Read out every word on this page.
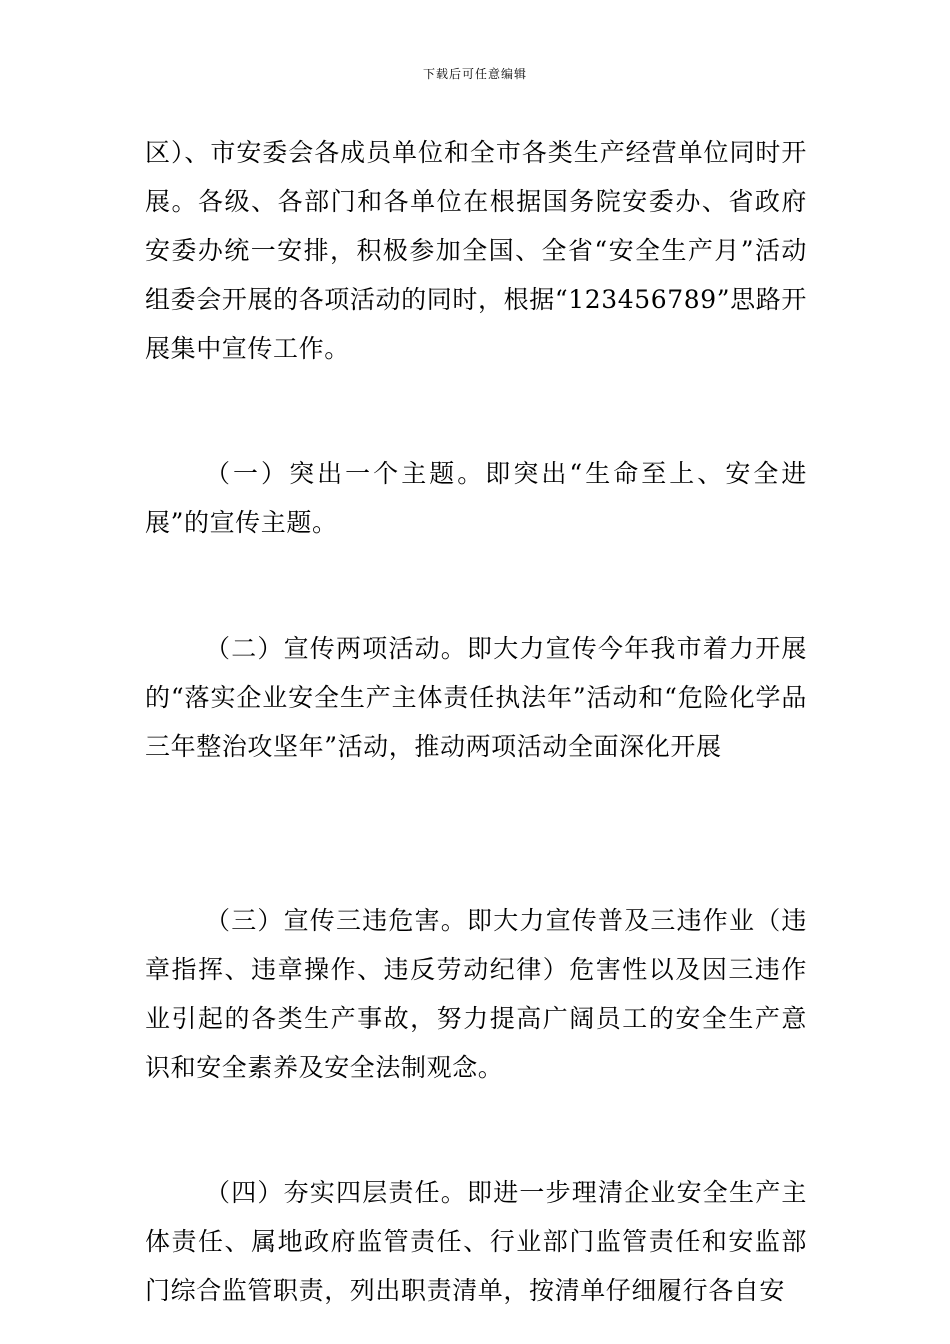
下载后可任意编辑

区）、市安委会各成员单位和全市各类生产经营单位同时开展。各级、各部门和各单位在根据国务院安委办、省政府安委办统一安排，积极参加全国、全省“安全生产月”活动组委会开展的各项活动的同时，根据“123456789”思路开展集中宣传工作。

（一）突出一个主题。即突出“生命至上、安全进展”的宣传主题。

（二）宣传两项活动。即大力宣传今年我市着力开展的“落实企业安全生产主体责任执法年”活动和“危险化学品三年整治攻坚年”活动，推动两项活动全面深化开展

（三）宣传三违危害。即大力宣传普及三违作业（违章指挥、违章操作、违反劳动纪律）危害性以及因三违作业引起的各类生产事故，努力提高广阔员工的安全生产意识和安全素养及安全法制观念。

（四）夯实四层责任。即进一步理清企业安全生产主体责任、属地政府监管责任、行业部门监管责任和安监部门综合监管职责，列出职责清单，按清单仔细履行各自安
